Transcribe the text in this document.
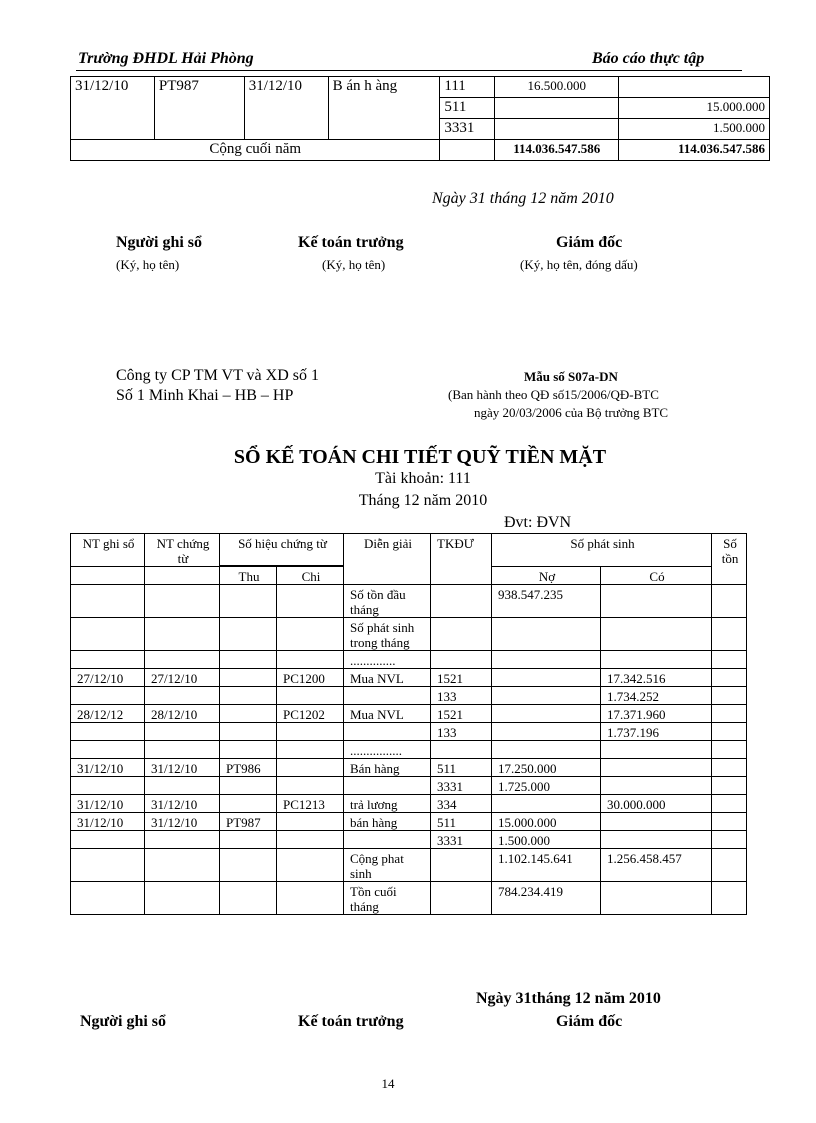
Trường ĐHDL Hải Phòng	Báo cáo thực tập
31/12/10	PT987	31/12/10	B án h àng	111	16.500.000	
				511		15.000.000
				3331		1.500.000
Cộng cuối năm					114.036.547.586	114.036.547.586
Ngày 31 tháng 12 năm 2010
Người ghi sổ
(Ký, họ tên)
Kế toán trưởng
(Ký, họ tên)
Giám đốc
(Ký, họ tên, đóng dấu)
Công ty CP TM VT và XD số 1
Số 1 Minh Khai – HB – HP
Mẫu số S07a-DN
(Ban hành theo QĐ số15/2006/QĐ-BTC
ngày 20/03/2006 của Bộ trưởng BTC
SỔ KẾ TOÁN CHI TIẾT QUỸ TIỀN MẶT
Tài khoản: 111
Tháng 12 năm 2010
Đvt: ĐVN
NT ghi sổ	NT chứng từ	Số hiệu chứng từ		Diễn giải	TKĐƯ	Số phát sinh		Số tồn

		Thu	Chi			Nợ	Có	
				Số tồn đầu tháng		938.547.235		
				Số phát sinh trong tháng				
				..............				
27/12/10	27/12/10		PC1200	Mua NVL	1521		17.342.516	
					133		1.734.252	
28/12/12	28/12/10		PC1202	Mua NVL	1521		17.371.960	
					133		1.737.196	
				................				
31/12/10	31/12/10	PT986		Bán hàng	511	17.250.000		
					3331	1.725.000		
31/12/10	31/12/10		PC1213	trả lương	334		30.000.000	
31/12/10	31/12/10	PT987		bán hàng	511	15.000.000		
					3331	1.500.000		
				Cộng phat sinh		1.102.145.641	1.256.458.457	
				Tồn cuối tháng		784.234.419		
Ngày 31tháng 12 năm 2010
Người ghi sổ	Kế toán trưởng	Giám đốc
14
